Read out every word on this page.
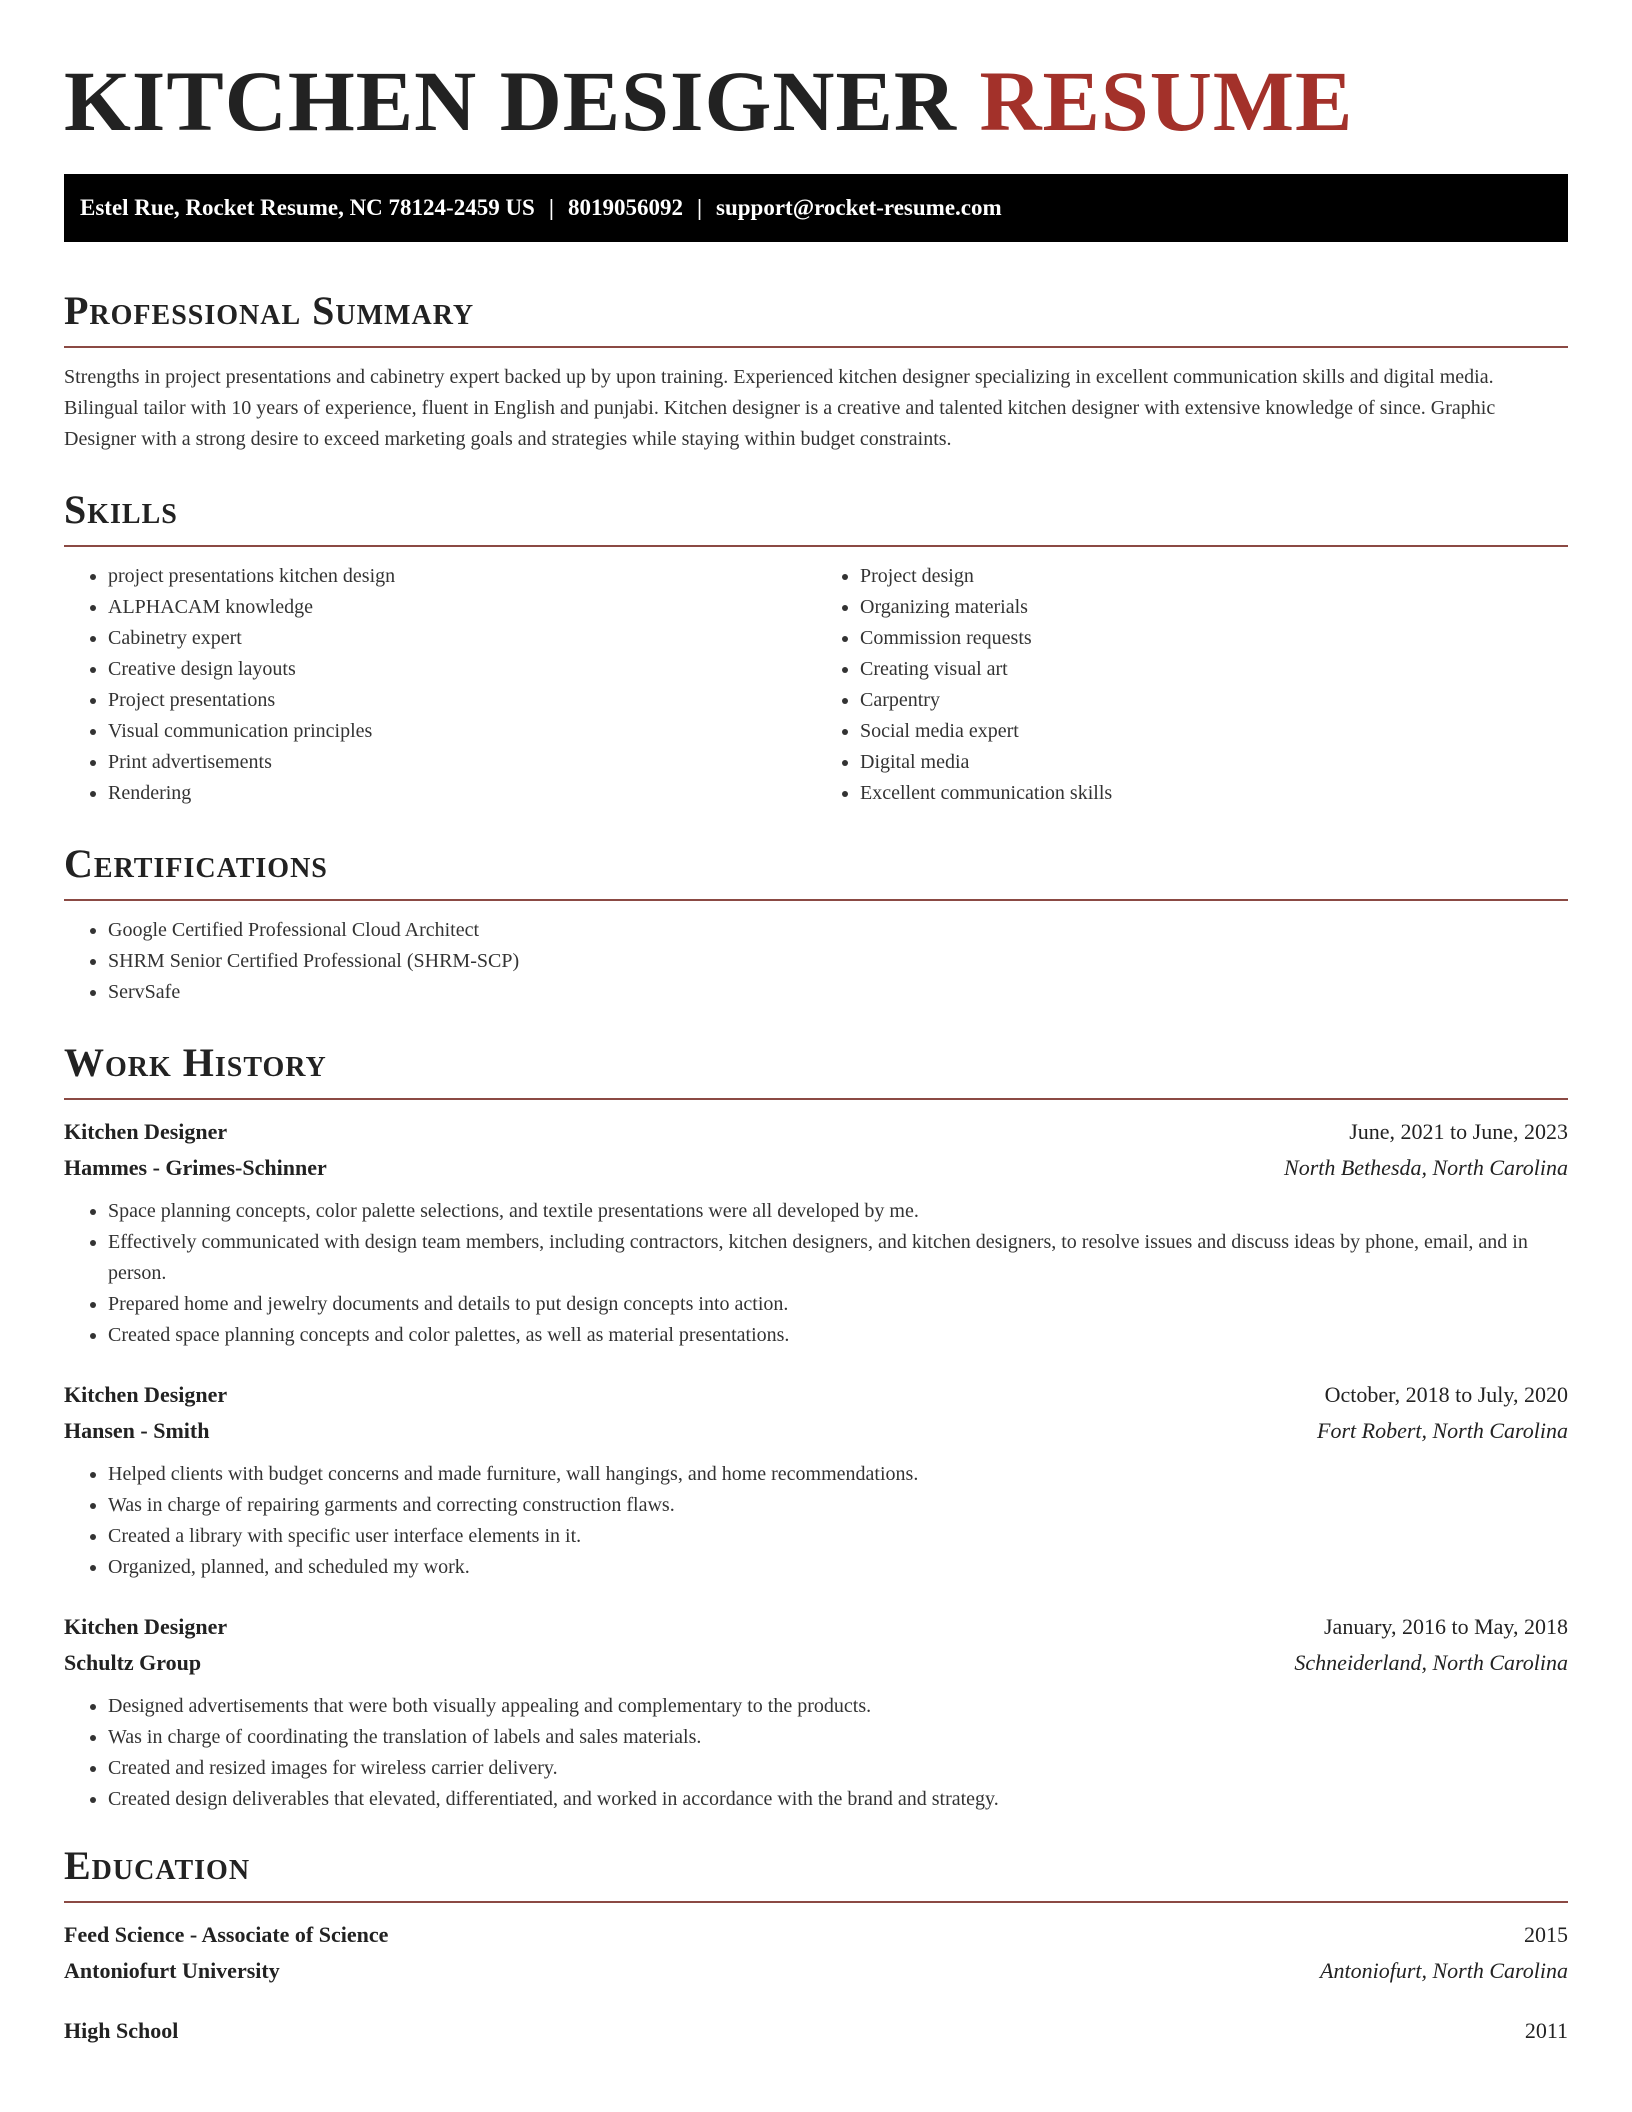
KITCHEN DESIGNER RESUME
Estel Rue, Rocket Resume, NC 78124-2459 US | 8019056092 | support@rocket-resume.com
Professional Summary

Strengths in project presentations and cabinetry expert backed up by upon training. Experienced kitchen designer specializing in excellent communication skills and digital media. Bilingual tailor with 10 years of experience, fluent in English and punjabi. Kitchen designer is a creative and talented kitchen designer with extensive knowledge of since. Graphic Designer with a strong desire to exceed marketing goals and strategies while staying within budget constraints.

Skills
• project presentations kitchen design
• ALPHACAM knowledge
• Cabinetry expert
• Creative design layouts
• Project presentations
• Visual communication principles
• Print advertisements
• Rendering
• Project design
• Organizing materials
• Commission requests
• Creating visual art
• Carpentry
• Social media expert
• Digital media
• Excellent communication skills
Certifications
• Google Certified Professional Cloud Architect
• SHRM Senior Certified Professional (SHRM-SCP)
• ServSafe
Work History
Kitchen Designer	June, 2021 to June, 2023
Hammes - Grimes-Schinner	North Bethesda, North Carolina
• Space planning concepts, color palette selections, and textile presentations were all developed by me.
• Effectively communicated with design team members, including contractors, kitchen designers, and kitchen designers, to resolve issues and discuss ideas by phone, email, and in person.
• Prepared home and jewelry documents and details to put design concepts into action.
• Created space planning concepts and color palettes, as well as material presentations.
Kitchen Designer	October, 2018 to July, 2020
Hansen - Smith	Fort Robert, North Carolina
• Helped clients with budget concerns and made furniture, wall hangings, and home recommendations.
• Was in charge of repairing garments and correcting construction flaws.
• Created a library with specific user interface elements in it.
• Organized, planned, and scheduled my work.
Kitchen Designer	January, 2016 to May, 2018
Schultz Group	Schneiderland, North Carolina
• Designed advertisements that were both visually appealing and complementary to the products.
• Was in charge of coordinating the translation of labels and sales materials.
• Created and resized images for wireless carrier delivery.
• Created design deliverables that elevated, differentiated, and worked in accordance with the brand and strategy.
Education
Feed Science - Associate of Science	2015
Antoniofurt University	Antoniofurt, North Carolina
High School	2011
